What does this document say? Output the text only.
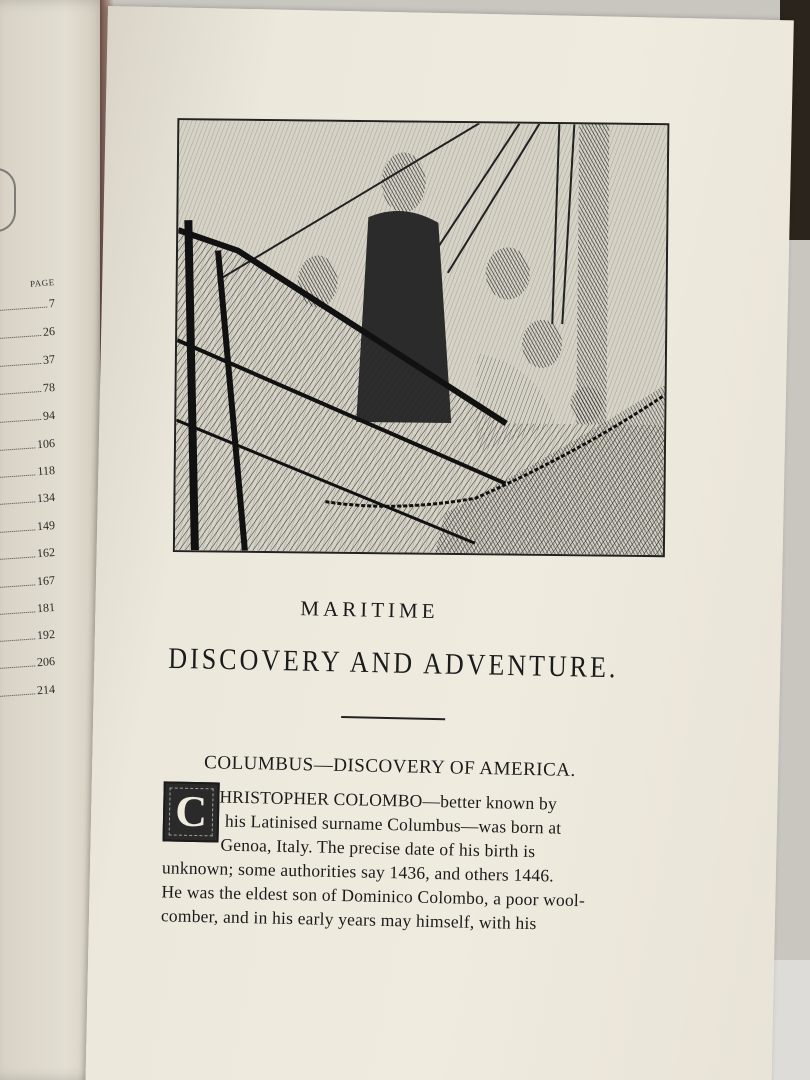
PAGE
7
26
37
78
94
106
118
134
149
162
167
181
192
206
214
MARITIME
DISCOVERY AND ADVENTURE.
COLUMBUS—DISCOVERY OF AMERICA.
C HRISTOPHER COLOMBO—better known by
his Latinised surname Columbus—was born at
Genoa, Italy. The precise date of his birth is
unknown; some authorities say 1436, and others 1446.
He was the eldest son of Dominico Colombo, a poor wool-
comber, and in his early years may himself, with his
